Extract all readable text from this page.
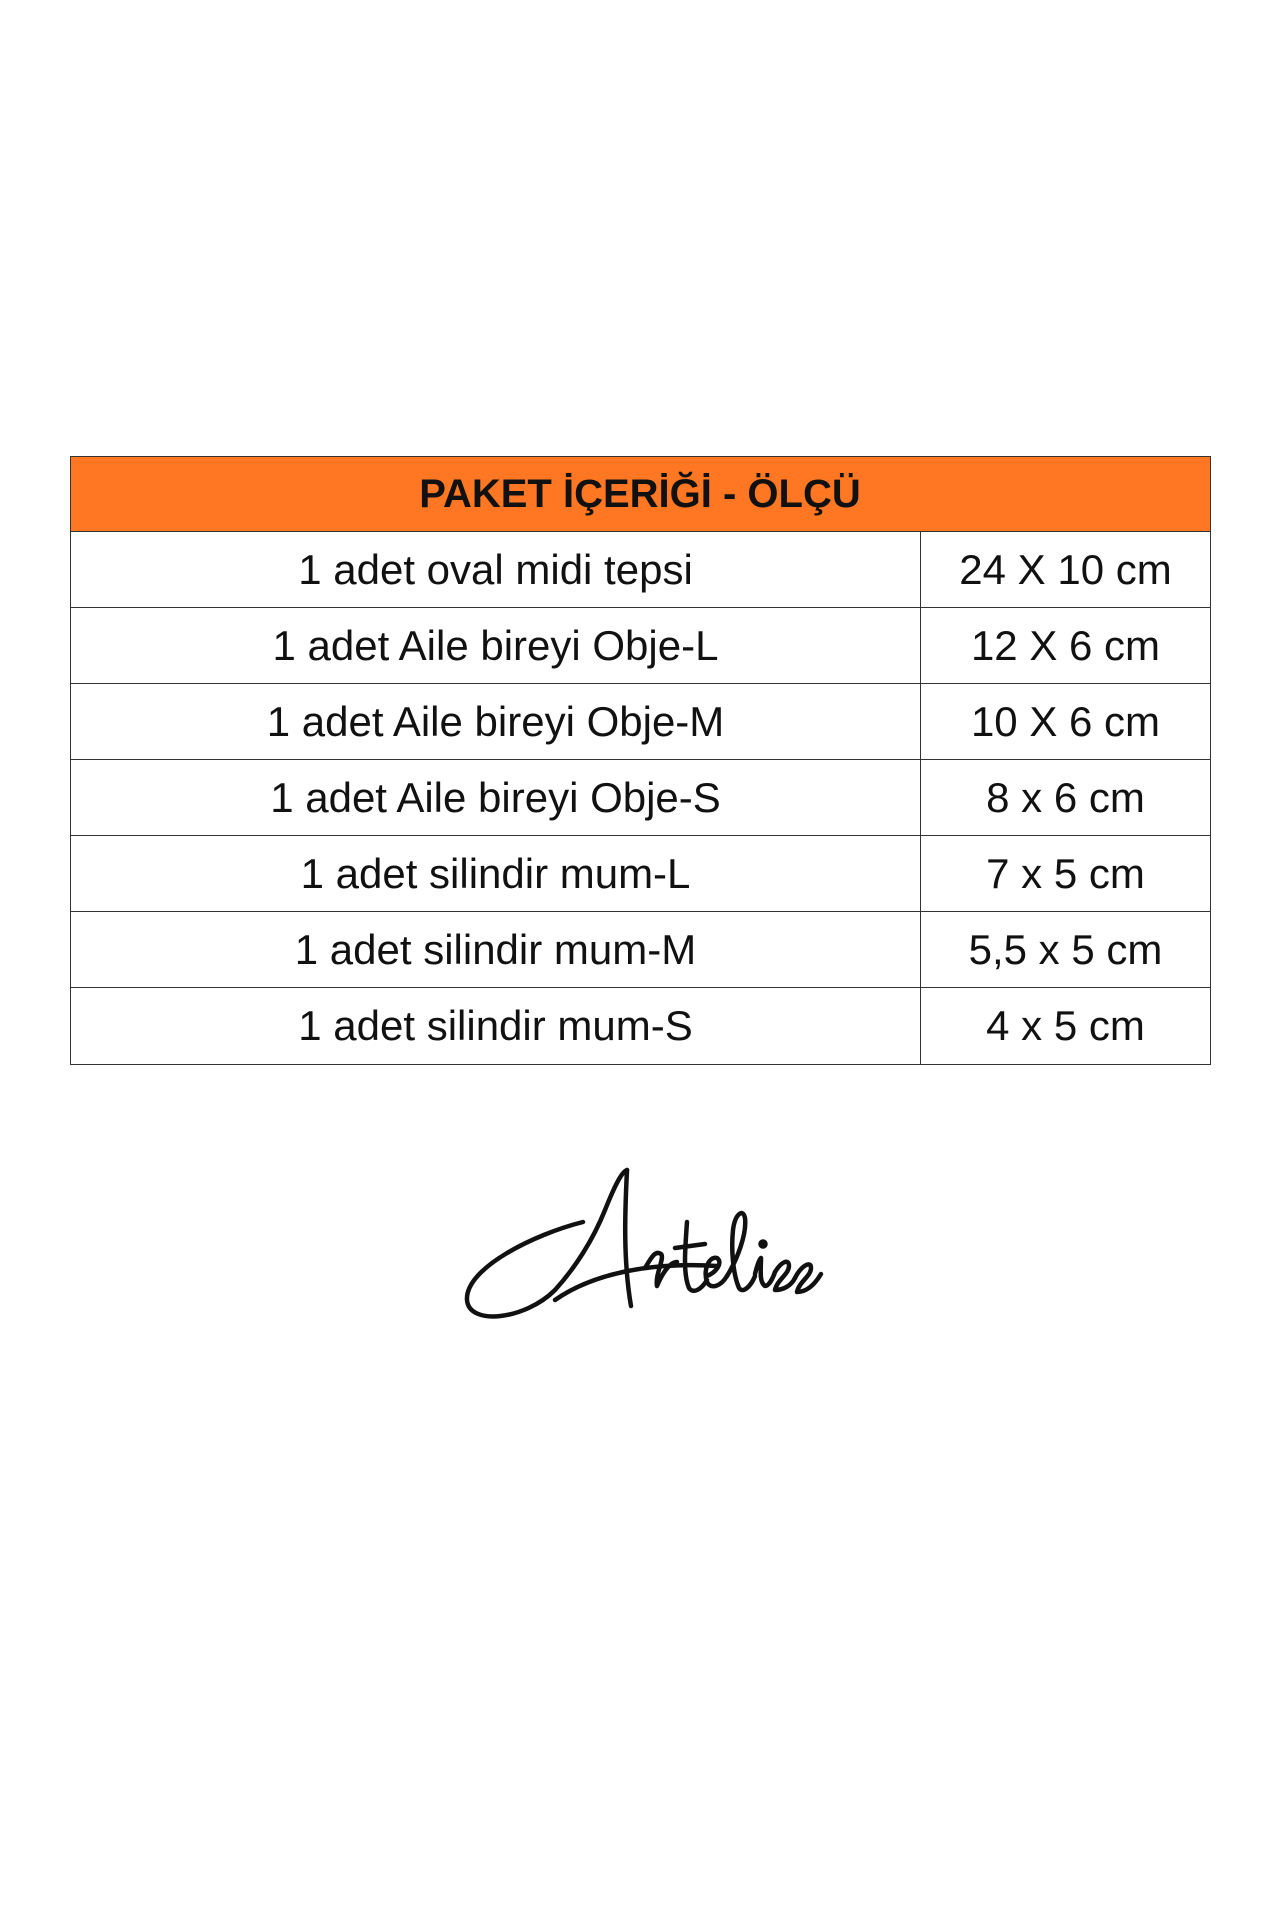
PAKET İÇERİĞİ - ÖLÇÜ
1 adet oval midi tepsi	24 X 10 cm
1 adet Aile bireyi Obje-L	12 X 6 cm
1 adet Aile bireyi Obje-M	10 X 6 cm
1 adet Aile bireyi Obje-S	8 x 6 cm
1 adet silindir mum-L	7 x 5 cm
1 adet silindir mum-M	5,5 x 5 cm
1 adet silindir mum-S	4 x 5 cm
